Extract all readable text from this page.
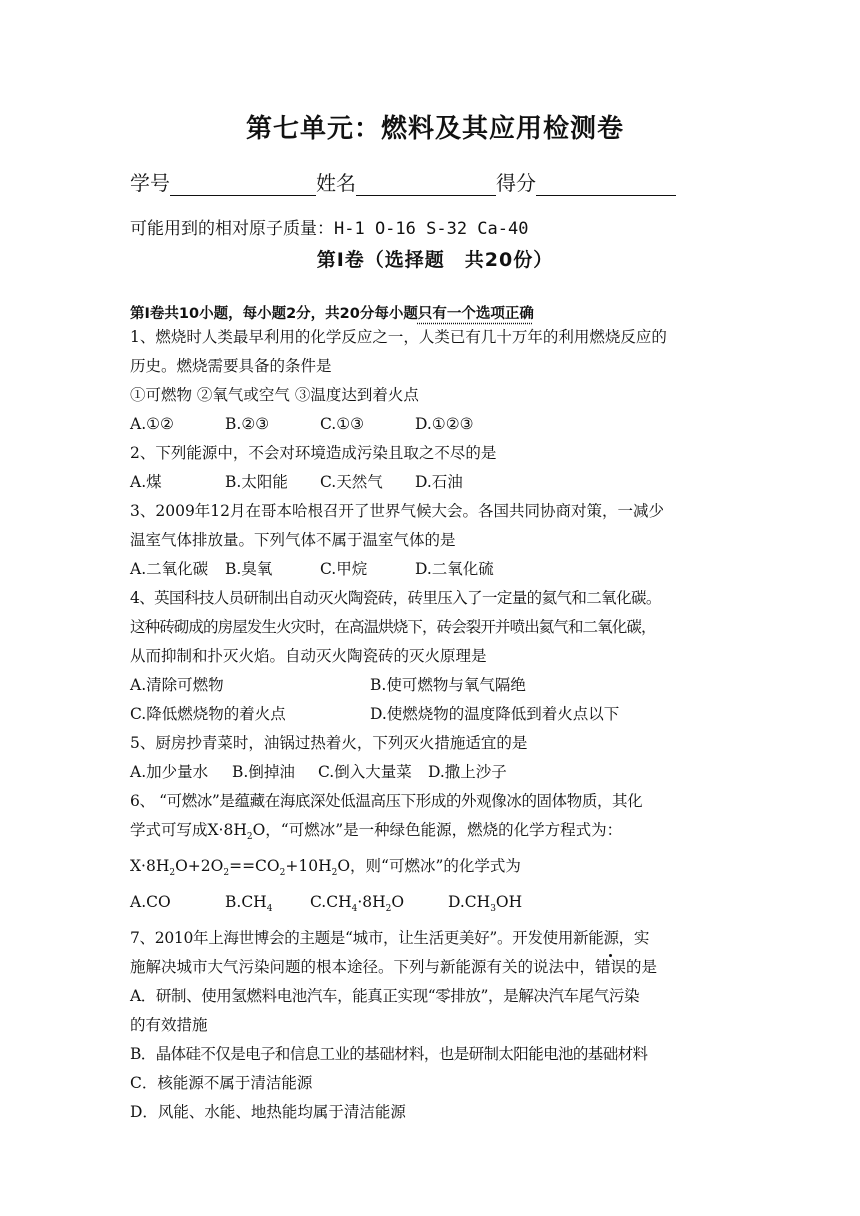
第七单元：燃料及其应用检测卷
学号	姓名	得分
可能用到的相对原子质量：H-1 O-16 S-32 Ca-40
第Ⅰ卷（选择题　共20份）
第Ⅰ卷共10小题，每小题2分，共20分每小题只有一个选项正确

1、燃烧时人类最早利用的化学反应之一，人类已有几十万年的利用燃烧反应的

历史。燃烧需要具备的条件是

①可燃物 ②氧气或空气 ③温度达到着火点

A.①②	B.②③	C.①③	D.①②③

2、下列能源中，不会对环境造成污染且取之不尽的是

A.煤	B.太阳能	C.天然气	D.石油

3、2009年12月在哥本哈根召开了世界气候大会。各国共同协商对策，一减少

温室气体排放量。下列气体不属于温室气体的是

A.二氧化碳	B.臭氧	C.甲烷	D.二氧化硫

4、英国科技人员研制出自动灭火陶瓷砖，砖里压入了一定量的氦气和二氧化碳。

这种砖砌成的房屋发生火灾时，在高温烘烧下，砖会裂开并喷出氦气和二氧化碳，

从而抑制和扑灭火焰。自动灭火陶瓷砖的灭火原理是

A.清除可燃物	B.使可燃物与氧气隔绝
C.降低燃烧物的着火点	D.使燃烧物的温度降低到着火点以下

5、厨房抄青菜时，油锅过热着火，下列灭火措施适宜的是

A.加少量水	B.倒掉油	C.倒入大量菜	D.撒上沙子

6、 “可燃冰”是蕴藏在海底深处低温高压下形成的外观像冰的固体物质，其化

学式可写成$X\cdot 8H_2O$，“可燃冰”是一种绿色能源，燃烧的化学方程式为：

$X\cdot 8H_2O+2O_2==CO_2+10H_2O$，则“可燃冰”的化学式为

A.CO	$B.CH_4$	$C.CH_4\cdot 8H_2O$	$D.CH_3OH$

7、2010年上海世博会的主题是“城市，让生活更美好”。开发使用新能源，实

施解决城市大气污染问题的根本途径。下列与新能源有关的说法中，错误的是

A．研制、使用氢燃料电池汽车，能真正实现“零排放”，是解决汽车尾气污染

的有效措施

B．晶体硅不仅是电子和信息工业的基础材料，也是研制太阳能电池的基础材料

C．核能源不属于清洁能源

D．风能、水能、地热能均属于清洁能源
